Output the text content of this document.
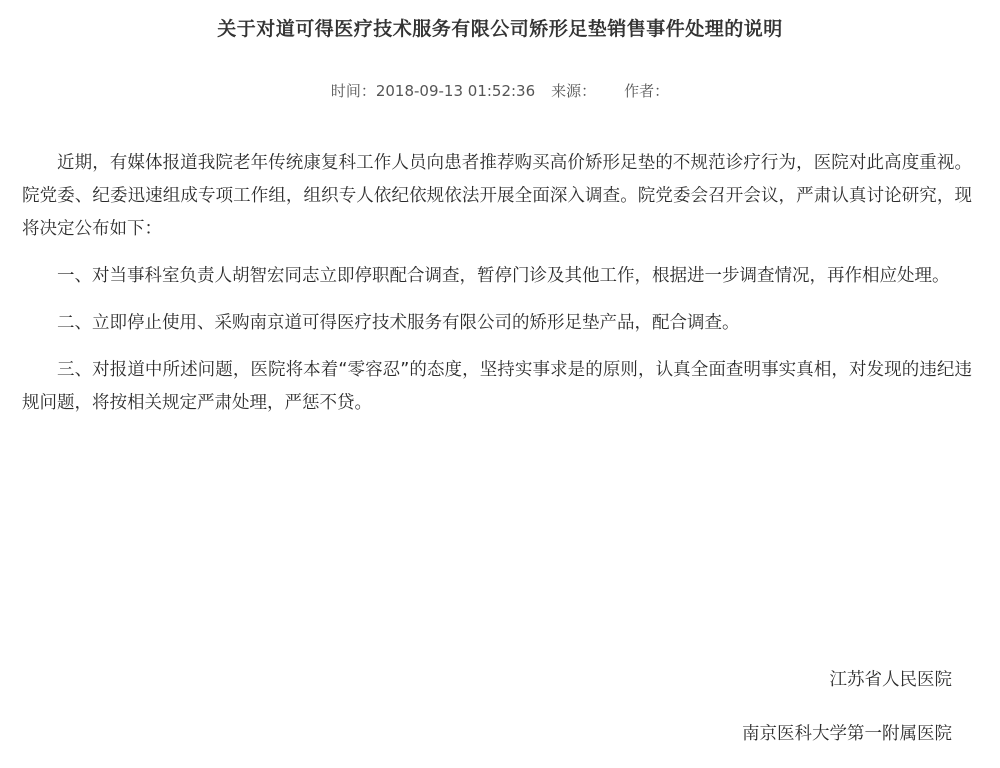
关于对道可得医疗技术服务有限公司矫形足垫销售事件处理的说明
时间：2018-09-13 01:52:36 来源： 作者：

近期，有媒体报道我院老年传统康复科工作人员向患者推荐购买高价矫形足垫的不规范诊疗行为，医院对此高度重视。院党委、纪委迅速组成专项工作组，组织专人依纪依规依法开展全面深入调查。院党委会召开会议，严肃认真讨论研究，现将决定公布如下：

一、对当事科室负责人胡智宏同志立即停职配合调查，暂停门诊及其他工作，根据进一步调查情况，再作相应处理。

二、立即停止使用、采购南京道可得医疗技术服务有限公司的矫形足垫产品，配合调查。

三、对报道中所述问题，医院将本着“零容忍”的态度，坚持实事求是的原则，认真全面查明事实真相，对发现的违纪违规问题，将按相关规定严肃处理，严惩不贷。

江苏省人民医院
南京医科大学第一附属医院
